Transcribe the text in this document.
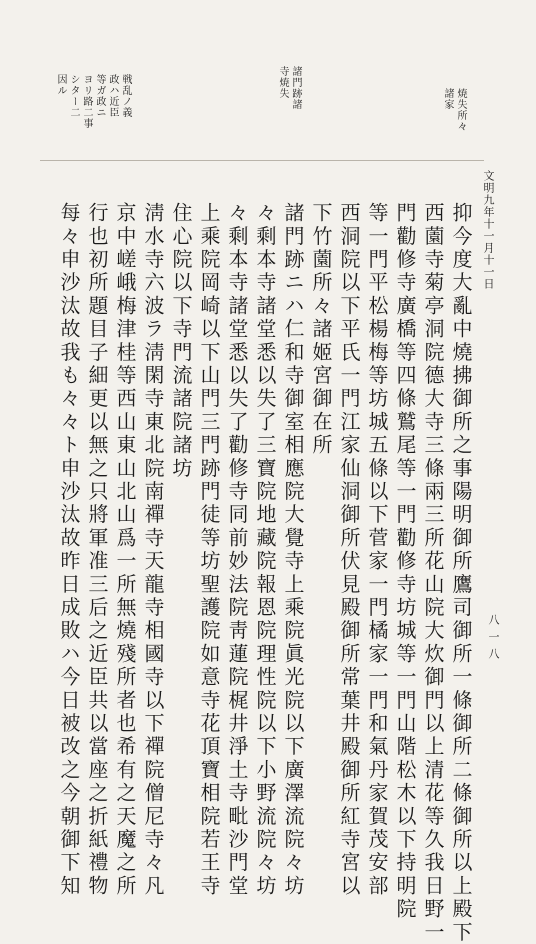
八一八
文明九年十一月十一日
焼失所々
諸家
諸門跡諸
寺焼失
戦乱ノ義
政ハ近臣
等ガ政ニ
ヨリ路二事
シター二
因ル
抑今度大亂中燒拂御所之事陽明御所鷹司御所一條御所二條御所以上殿下
西薗寺菊亭洞院德大寺三條兩三所花山院大炊御門以上清花等久我日野一
門勸修寺廣橋等四條鷲尾等一門勸修寺坊城等一門山階松木以下持明院
等一門平松楊梅等坊城五條以下菅家一門橘家一門和氣丹家賀茂安部
西洞院以下平氏一門江家仙洞御所伏見殿御所常葉井殿御所紅寺宮以
下竹薗所々諸姬宮御在所
諸門跡ニハ仁和寺御室相應院大覺寺上乘院眞光院以下廣澤流院々坊
々剩本寺諸堂悉以失了三寶院地藏院報恩院理性院以下小野流院々坊
々剩本寺諸堂悉以失了勸修寺同前妙法院靑蓮院梶井淨土寺毗沙門堂
上乘院岡崎以下山門三門跡門徒等坊聖護院如意寺花頂寶相院若王寺
住心院以下寺門流諸院諸坊
淸水寺六波ラ淸閑寺東北院南禪寺天龍寺相國寺以下禪院僧尼寺々凡
京中嵯峨梅津桂等西山東山北山爲一所無燒殘所者也希有之天魔之所
行也初所題目子細更以無之只將軍准三后之近臣共以當座之折紙禮物
每々申沙汰故我も々々ト申沙汰故昨日成敗ハ今日被改之今朝御下知
